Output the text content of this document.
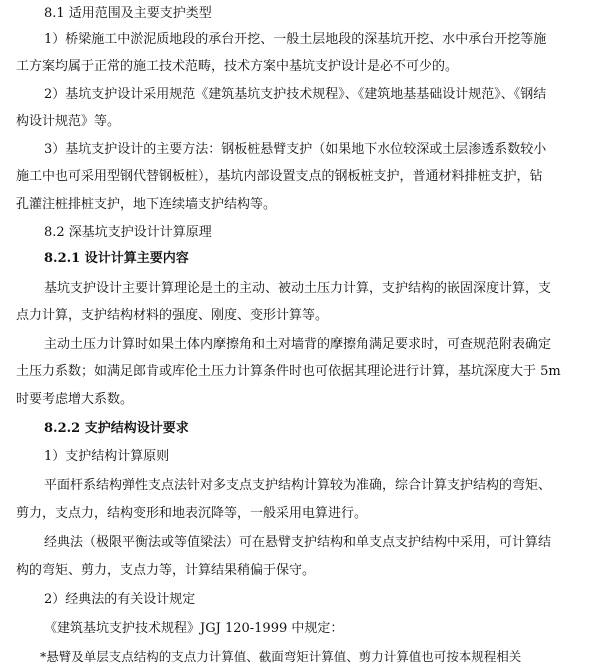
8.1 适用范围及主要支护类型
1）桥梁施工中淤泥质地段的承台开挖、一般土层地段的深基坑开挖、水中承台开挖等施
工方案均属于正常的施工技术范畴，技术方案中基坑支护设计是必不可少的。
2）基坑支护设计采用规范《建筑基坑支护技术规程》、《建筑地基基础设计规范》、《钢结
构设计规范》等。
3）基坑支护设计的主要方法：钢板桩悬臂支护（如果地下水位较深或土层渗透系数较小
施工中也可采用型钢代替钢板桩），基坑内部设置支点的钢板桩支护，普通材料排桩支护，钻
孔灌注桩排桩支护，地下连续墙支护结构等。
8.2 深基坑支护设计计算原理
8.2.1 设计计算主要内容
基坑支护设计主要计算理论是土的主动、被动土压力计算，支护结构的嵌固深度计算，支
点力计算，支护结构材料的强度、刚度、变形计算等。
主动土压力计算时如果土体内摩擦角和土对墙背的摩擦角满足要求时，可查规范附表确定
土压力系数；如满足郎肯或库伦土压力计算条件时也可依据其理论进行计算，基坑深度大于 5m
时要考虑增大系数。
8.2.2 支护结构设计要求
1）支护结构计算原则
平面杆系结构弹性支点法针对多支点支护结构计算较为准确，综合计算支护结构的弯矩、
剪力，支点力，结构变形和地表沉降等，一般采用电算进行。
经典法（极限平衡法或等值梁法）可在悬臂支护结构和单支点支护结构中采用，可计算结
构的弯矩、剪力，支点力等，计算结果稍偏于保守。
2）经典法的有关设计规定
《建筑基坑支护技术规程》JGJ 120-1999 中规定：
*悬臂及单层支点结构的支点力计算值、截面弯矩计算值、剪力计算值也可按本规程相关
